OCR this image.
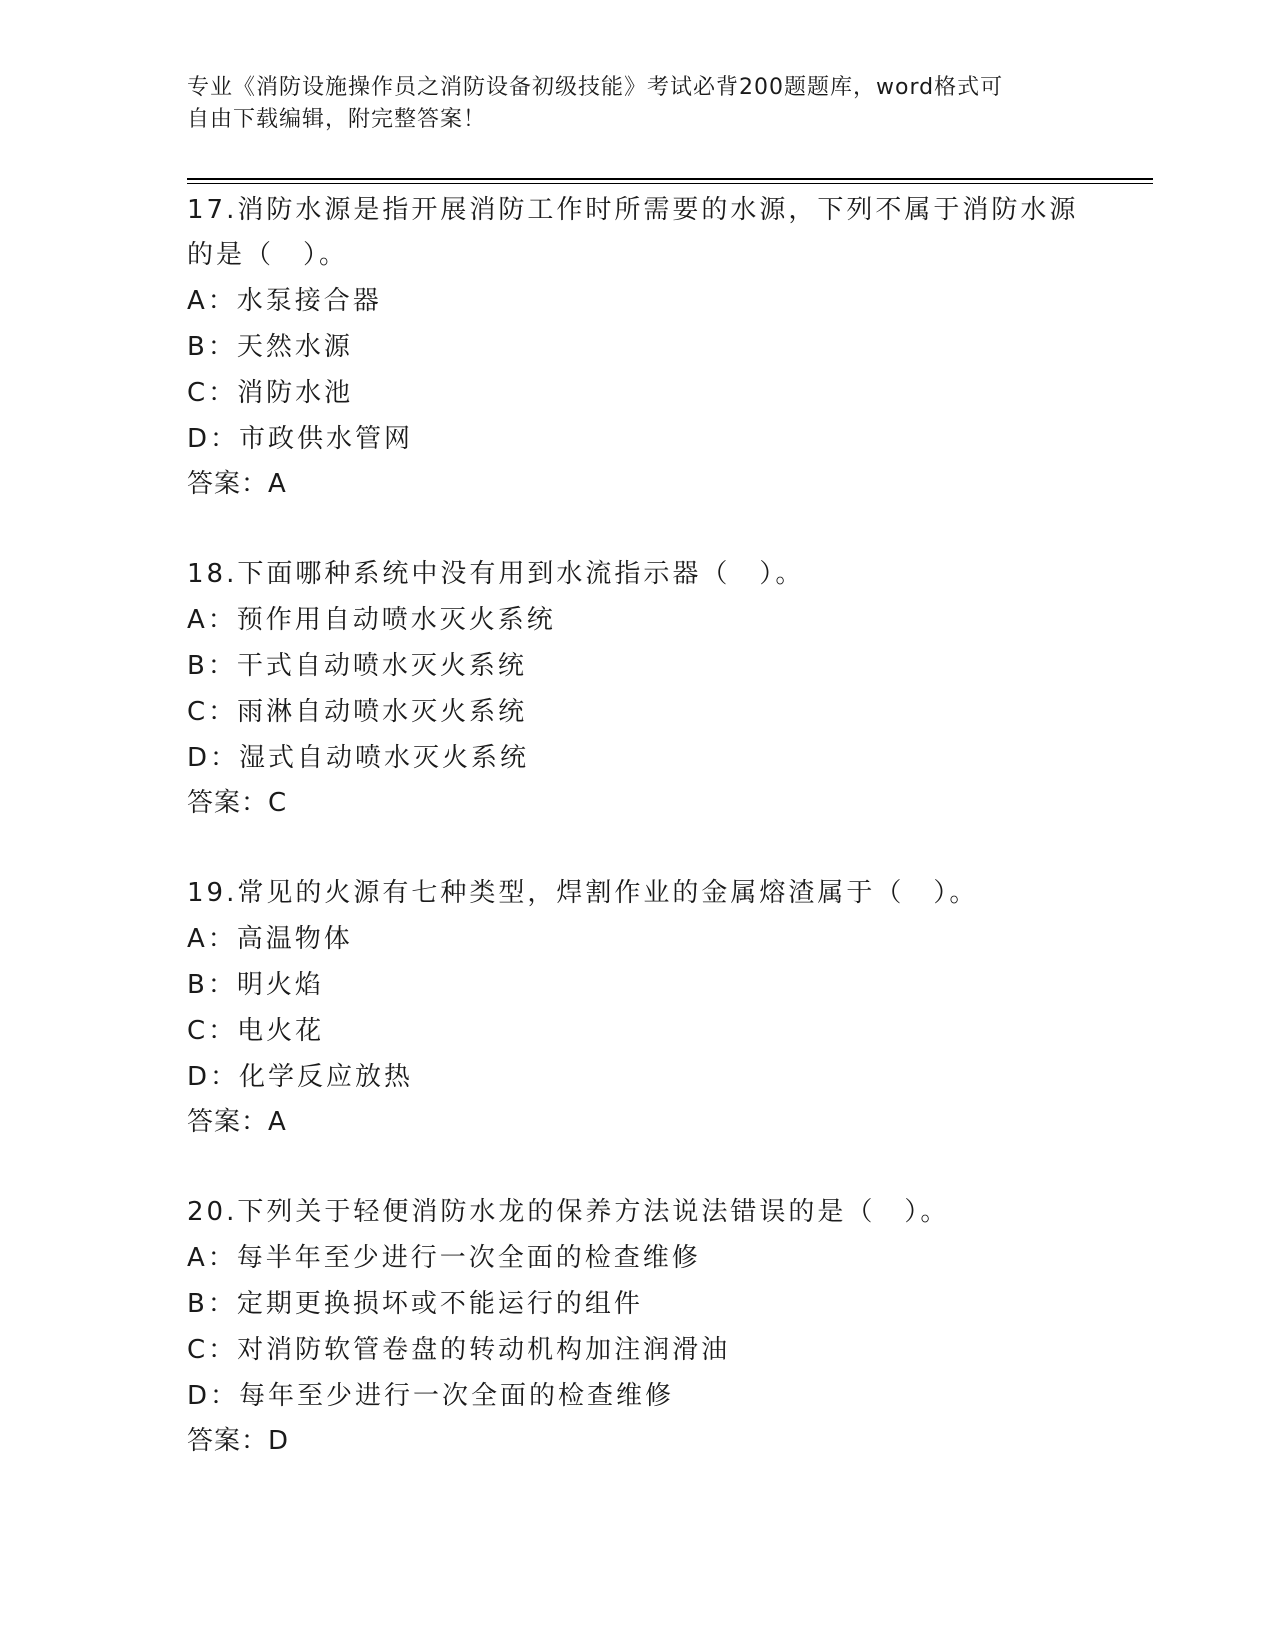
专业《消防设施操作员之消防设备初级技能》考试必背200题题库，word格式可
自由下载编辑，附完整答案！
17.消防水源是指开展消防工作时所需要的水源，下列不属于消防水源
的是（　）。
A：水泵接合器
B：天然水源
C：消防水池
D：市政供水管网
答案：A
18.下面哪种系统中没有用到水流指示器（　）。
A：预作用自动喷水灭火系统
B：干式自动喷水灭火系统
C：雨淋自动喷水灭火系统
D：湿式自动喷水灭火系统
答案：C
19.常见的火源有七种类型，焊割作业的金属熔渣属于（　）。
A：高温物体
B：明火焰
C：电火花
D：化学反应放热
答案：A
20.下列关于轻便消防水龙的保养方法说法错误的是（　）。
A：每半年至少进行一次全面的检查维修
B：定期更换损坏或不能运行的组件
C：对消防软管卷盘的转动机构加注润滑油
D：每年至少进行一次全面的检查维修
答案：D
